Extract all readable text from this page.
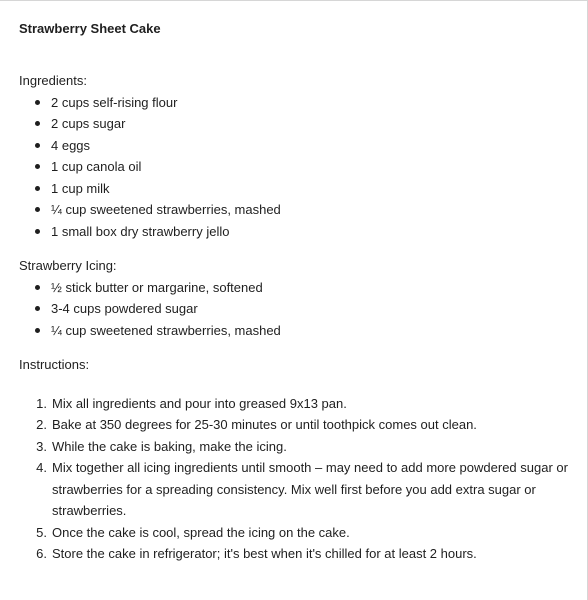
Strawberry Sheet Cake

Ingredients:

2 cups self-rising flour
2 cups sugar
4 eggs
1 cup canola oil
1 cup milk
¼ cup sweetened strawberries, mashed
1 small box dry strawberry jello

Strawberry Icing:

½ stick butter or margarine, softened
3-4 cups powdered sugar
¼ cup sweetened strawberries, mashed

Instructions:

1. Mix all ingredients and pour into greased 9x13 pan.
2. Bake at 350 degrees for 25-30 minutes or until toothpick comes out clean.
3. While the cake is baking, make the icing.
4. Mix together all icing ingredients until smooth – may need to add more powdered sugar or strawberries for a spreading consistency. Mix well first before you add extra sugar or strawberries.
5. Once the cake is cool, spread the icing on the cake.
6. Store the cake in refrigerator; it's best when it's chilled for at least 2 hours.
